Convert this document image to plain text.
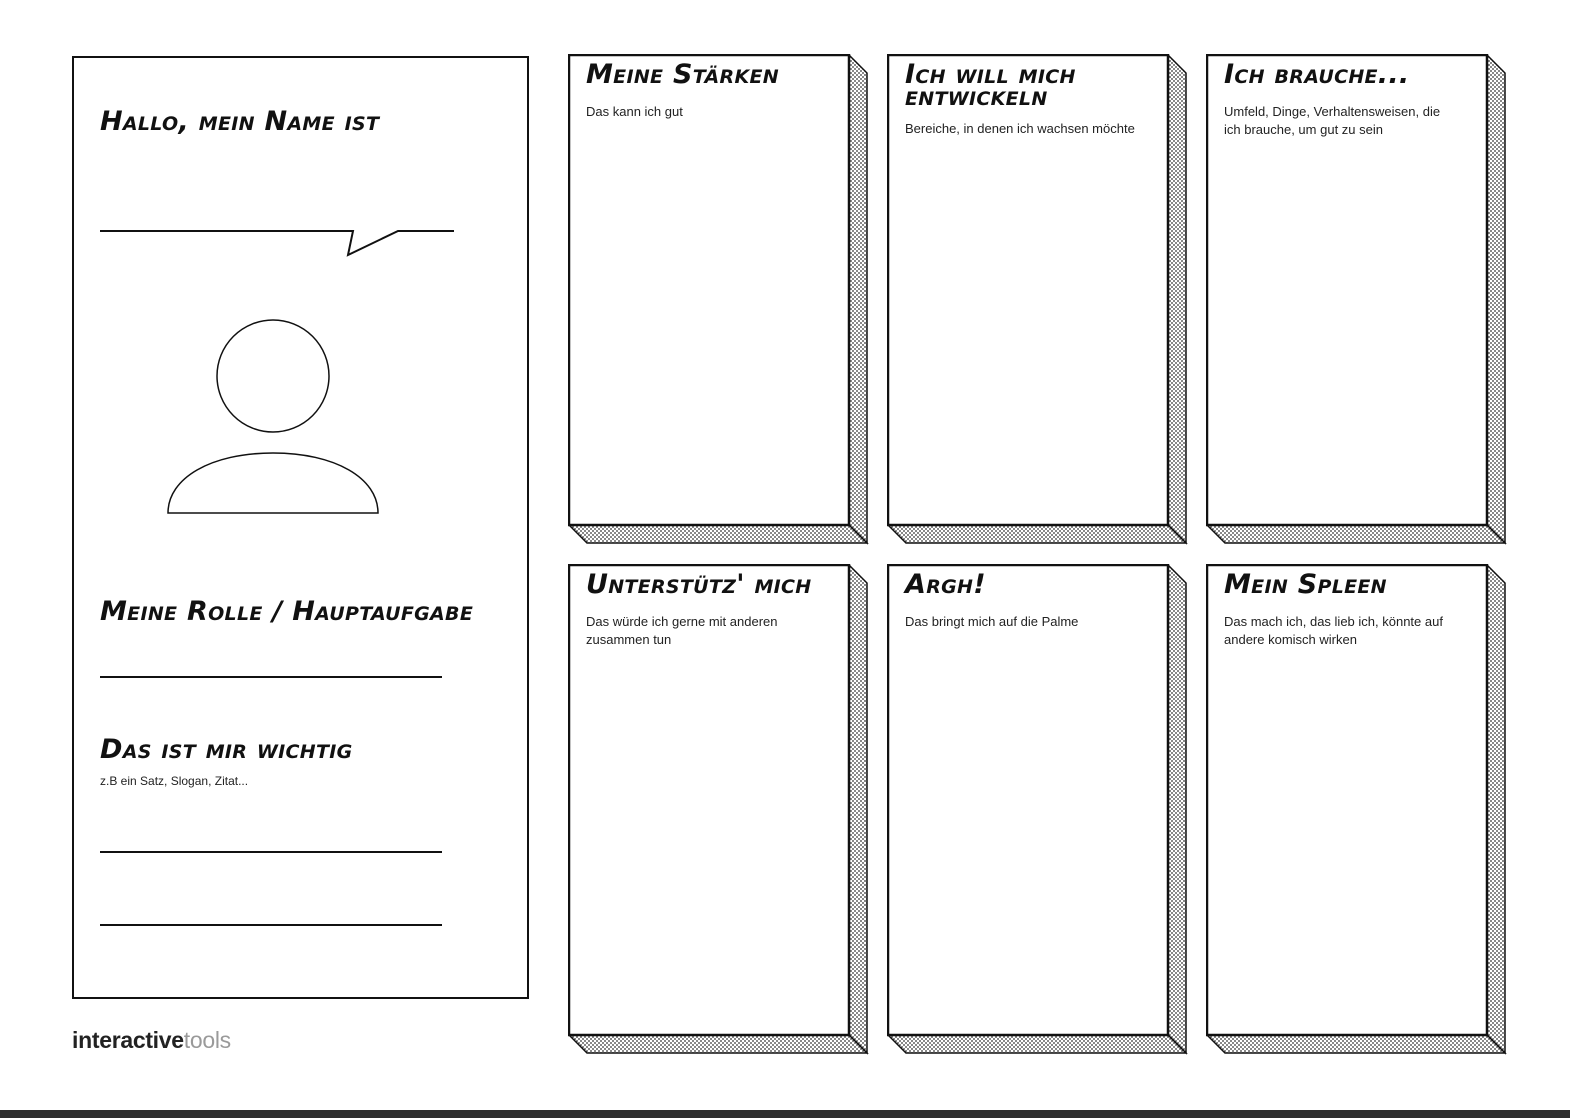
Hallo, mein Name ist
Meine Rolle / Hauptaufgabe
Das ist mir wichtig
z.B ein Satz, Slogan, Zitat...
Meine Stärken
Das kann ich gut
Ich will mich entwickeln
Bereiche, in denen ich wachsen möchte
Ich brauche...
Umfeld, Dinge, Verhaltensweisen, die ich brauche, um gut zu sein
Unterstütz' mich
Das würde ich gerne mit anderen zusammen tun
Argh!
Das bringt mich auf die Palme
Mein Spleen
Das mach ich, das lieb ich, könnte auf andere komisch wirken
interactivetools
